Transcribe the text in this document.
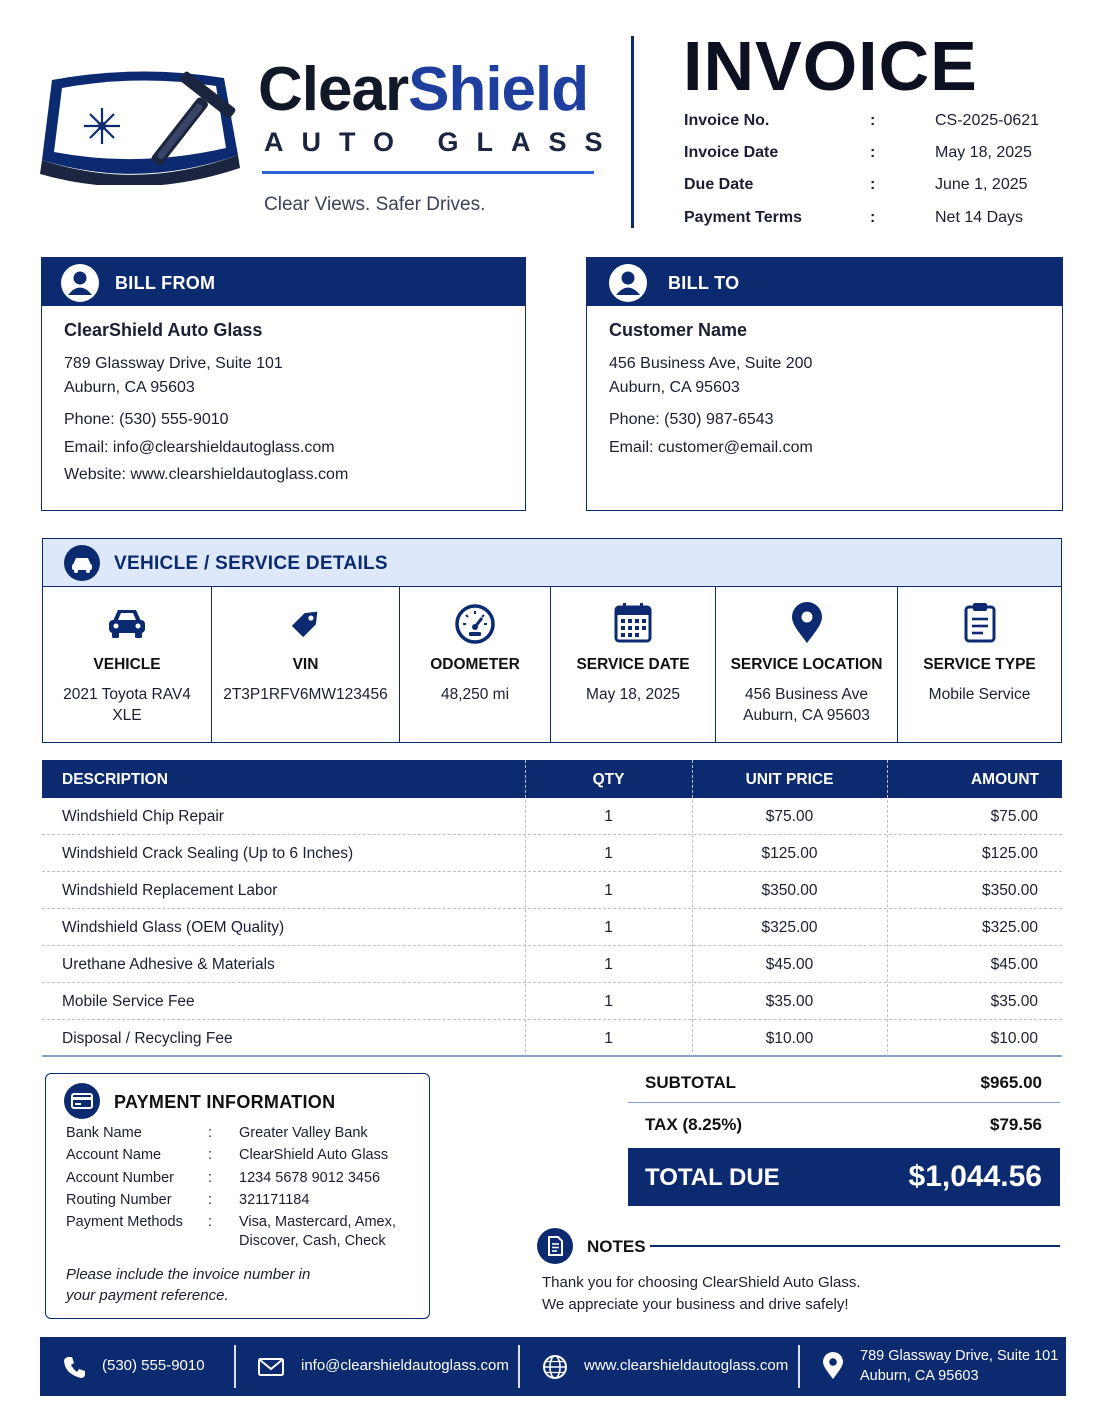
ClearShield
AUTO GLASS
Clear Views. Safer Drives.
INVOICE
Invoice No.	:	CS-2025-0621
Invoice Date	:	May 18, 2025
Due Date	:	June 1, 2025
Payment Terms	:	Net 14 Days
BILL FROM
ClearShield Auto Glass
789 Glassway Drive, Suite 101
Auburn, CA 95603
Phone: (530) 555-9010
Email: info@clearshieldautoglass.com
Website: www.clearshieldautoglass.com
BILL TO
Customer Name
456 Business Ave, Suite 200
Auburn, CA 95603
Phone: (530) 987-6543
Email: customer@email.com
VEHICLE / SERVICE DETAILS
VEHICLE
2021 Toyota RAV4 XLE
VIN
2T3P1RFV6MW123456
ODOMETER
48,250 mi
SERVICE DATE
May 18, 2025
SERVICE LOCATION
456 Business Ave Auburn, CA 95603
SERVICE TYPE
Mobile Service
DESCRIPTION	QTY	UNIT PRICE	AMOUNT
Windshield Chip Repair	1	$75.00	$75.00
Windshield Crack Sealing (Up to 6 Inches)	1	$125.00	$125.00
Windshield Replacement Labor	1	$350.00	$350.00
Windshield Glass (OEM Quality)	1	$325.00	$325.00
Urethane Adhesive & Materials	1	$45.00	$45.00
Mobile Service Fee	1	$35.00	$35.00
Disposal / Recycling Fee	1	$10.00	$10.00
PAYMENT INFORMATION
Bank Name	: Greater Valley Bank
Account Name	: ClearShield Auto Glass
Account Number : 1234 5678 9012 3456
Routing Number	: 321171184
Payment Methods : Visa, Mastercard, Amex, Discover, Cash, Check
Please include the invoice number in your payment reference.
SUBTOTAL	$965.00
TAX (8.25%)	$79.56
TOTAL DUE	$1,044.56
NOTES
Thank you for choosing ClearShield Auto Glass.
We appreciate your business and drive safely!
(530) 555-9010	info@clearshieldautoglass.com	www.clearshieldautoglass.com
789 Glassway Drive, Suite 101
Auburn, CA 95603
